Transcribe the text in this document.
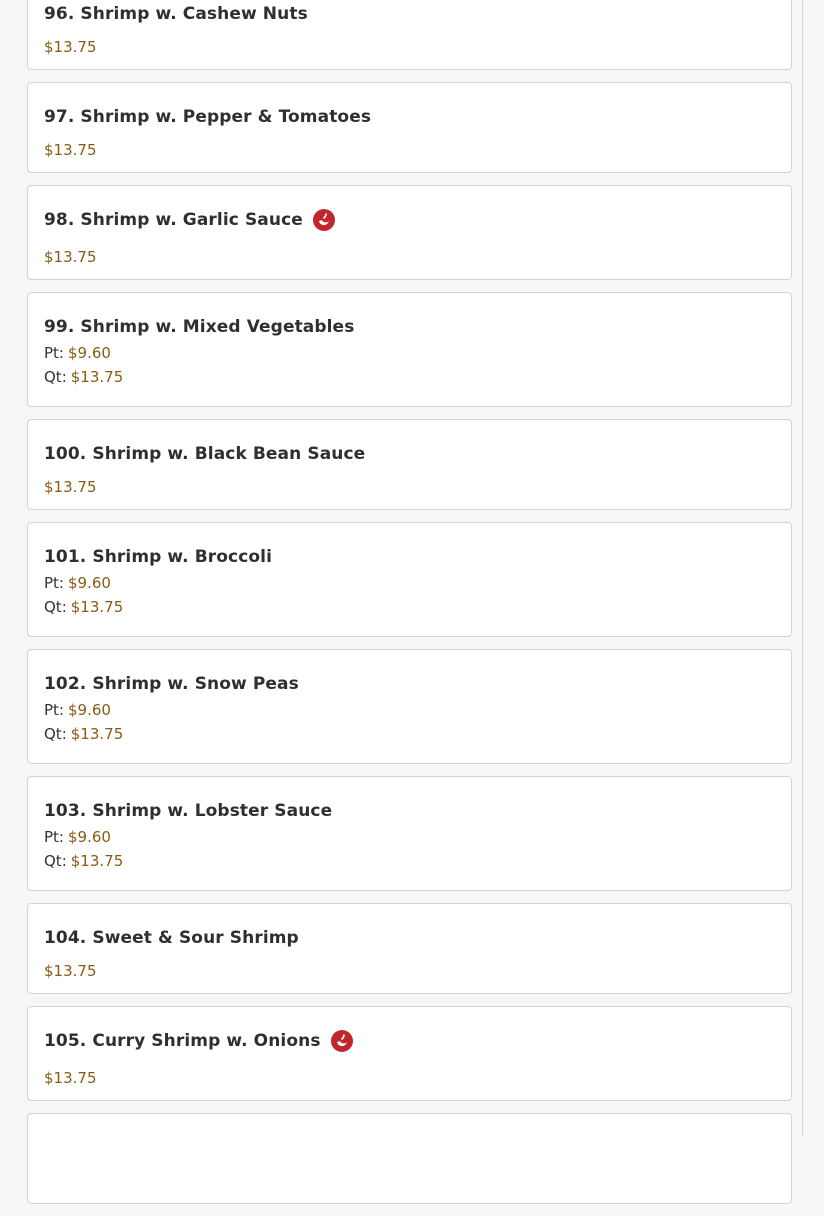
96. Shrimp w. Cashew Nuts
$13.75
97. Shrimp w. Pepper & Tomatoes
$13.75
98. Shrimp w. Garlic Sauce
$13.75
99. Shrimp w. Mixed Vegetables
Pt: $9.60
Qt: $13.75
100. Shrimp w. Black Bean Sauce
$13.75
101. Shrimp w. Broccoli
Pt: $9.60
Qt: $13.75
102. Shrimp w. Snow Peas
Pt: $9.60
Qt: $13.75
103. Shrimp w. Lobster Sauce
Pt: $9.60
Qt: $13.75
104. Sweet & Sour Shrimp
$13.75
105. Curry Shrimp w. Onions
$13.75
